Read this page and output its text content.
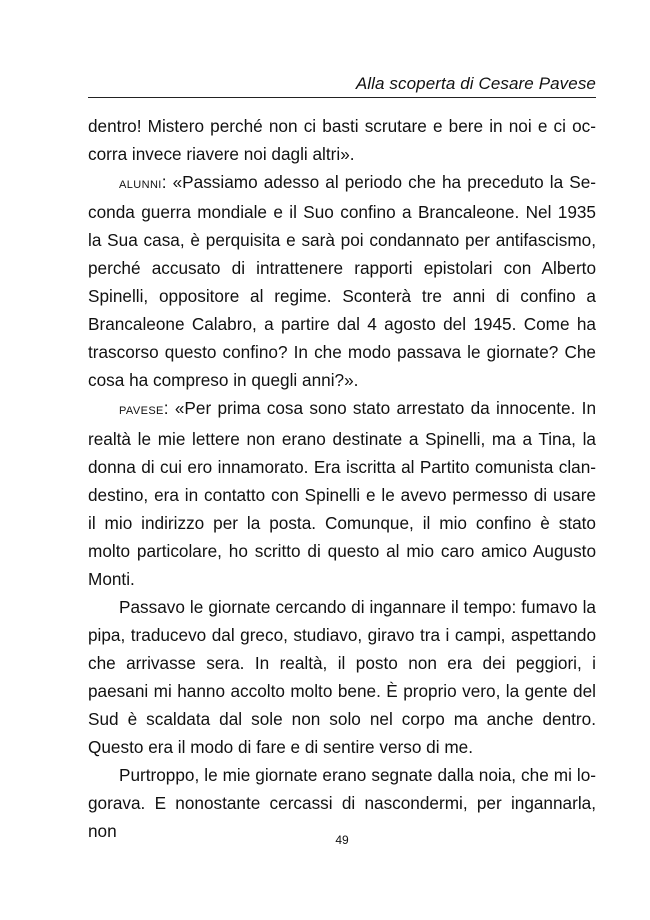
Alla scoperta di Cesare Pavese

dentro! Mistero perché non ci basti scrutare e bere in noi e ci occorra invece riavere noi dagli altri».

alunni: «Passiamo adesso al periodo che ha preceduto la Seconda guerra mondiale e il Suo confino a Brancaleone. Nel 1935 la Sua casa, è perquisita e sarà poi condannato per antifascismo, perché accusato di intrattenere rapporti epistolari con Alberto Spinelli, oppositore al regime. Sconterà tre anni di confino a Brancaleone Calabro, a partire dal 4 agosto del 1945. Come ha trascorso questo confino? In che modo passava le giornate? Che cosa ha compreso in quegli anni?».

pavese: «Per prima cosa sono stato arrestato da innocente. In realtà le mie lettere non erano destinate a Spinelli, ma a Tina, la donna di cui ero innamorato. Era iscritta al Partito comunista clandestino, era in contatto con Spinelli e le avevo permesso di usare il mio indirizzo per la posta. Comunque, il mio confino è stato molto particolare, ho scritto di questo al mio caro amico Augusto Monti.

Passavo le giornate cercando di ingannare il tempo: fumavo la pipa, traducevo dal greco, studiavo, giravo tra i campi, aspettando che arrivasse sera. In realtà, il posto non era dei peggiori, i paesani mi hanno accolto molto bene. È proprio vero, la gente del Sud è scaldata dal sole non solo nel corpo ma anche dentro. Questo era il modo di fare e di sentire verso di me.

Purtroppo, le mie giornate erano segnate dalla noia, che mi logorava. E nonostante cercassi di nascondermi, per ingannarla, non	49
